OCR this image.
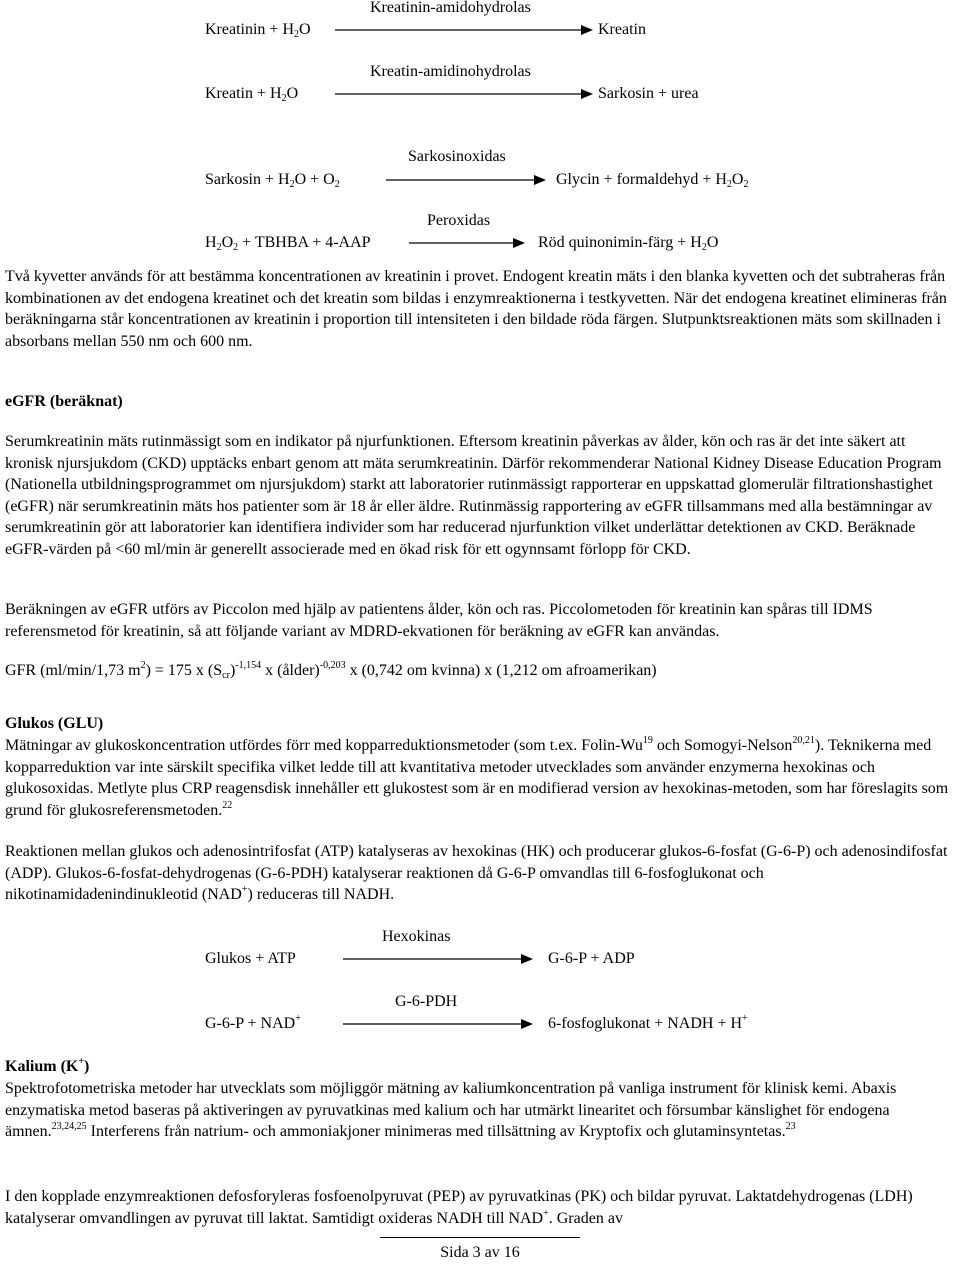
Kreatinin-amidohydrolas
Kreatinin + $H_2O$	Kreatin
Kreatin-amidinohydrolas
Kreatin + $H_2O$	Sarkosin + urea
Sarkosinoxidas
Sarkosin + $H_2O + O_2$	Glycin + formaldehyd + $H_2O_2$
Peroxidas
$H_2O_2$ + TBHBA + 4-AAP	Röd quinonimin-färg + $H_2O$
Två kyvetter används för att bestämma koncentrationen av kreatinin i provet. Endogent kreatin mäts i den blanka kyvetten och det subtraheras från kombinationen av det endogena kreatinet och det kreatin som bildas i enzymreaktionerna i testkyvetten. När det endogena kreatinet elimineras från beräkningarna står koncentrationen av kreatinin i proportion till intensiteten i den bildade röda färgen. Slutpunktsreaktionen mäts som skillnaden i absorbans mellan 550 nm och 600 nm.
eGFR (beräknat)
Serumkreatinin mäts rutinmässigt som en indikator på njurfunktionen. Eftersom kreatinin påverkas av ålder, kön och ras är det inte säkert att kronisk njursjukdom (CKD) upptäcks enbart genom att mäta serumkreatinin. Därför rekommenderar National Kidney Disease Education Program (Nationella utbildningsprogrammet om njursjukdom) starkt att laboratorier rutinmässigt rapporterar en uppskattad glomerulär filtrationshastighet (eGFR) när serumkreatinin mäts hos patienter som är 18 år eller äldre. Rutinmässig rapportering av eGFR tillsammans med alla bestämningar av serumkreatinin gör att laboratorier kan identifiera individer som har reducerad njurfunktion vilket underlättar detektionen av CKD. Beräknade eGFR-värden på <60 ml/min är generellt associerade med en ökad risk för ett ogynnsamt förlopp för CKD.
Beräkningen av eGFR utförs av Piccolon med hjälp av patientens ålder, kön och ras. Piccolometoden för kreatinin kan spåras till IDMS referensmetod för kreatinin, så att följande variant av MDRD-ekvationen för beräkning av eGFR kan användas.
GFR (ml/min/1,73 $m^2) = 175$ x $(S_{cr})^{-1,154}$ x (ålder)$^{-0,203}$ x (0,742 om kvinna) x (1,212 om afroamerikan)
Glukos (GLU)
Mätningar av glukoskoncentration utfördes förr med kopparreduktionsmetoder (som t.ex. Folin-Wu$^{19}$ och Somogyi-Nelson$^{20,21}$). Teknikerna med kopparreduktion var inte särskilt specifika vilket ledde till att kvantitativa metoder utvecklades som använder enzymerna hexokinas och glukosoxidas. Metlyte plus CRP reagensdisk innehåller ett glukostest som är en modifierad version av hexokinas-metoden, som har föreslagits som grund för glukosreferensmetoden.$^{22}$
Reaktionen mellan glukos och adenosintrifosfat (ATP) katalyseras av hexokinas (HK) och producerar glukos-6-fosfat (G-6-P) och adenosindifosfat (ADP). Glukos-6-fosfat-dehydrogenas (G-6-PDH) katalyserar reaktionen då G-6-P omvandlas till 6-fosfoglukonat och nikotinamidadenindinukleotid (NAD+) reduceras till NADH.
Hexokinas
Glukos + ATP	G-6-P + ADP
G-6-PDH
G-6-P + NAD+	6-fosfoglukonat + NADH + H+
Kalium (K+)
Spektrofotometriska metoder har utvecklats som möjliggör mätning av kaliumkoncentration på vanliga instrument för klinisk kemi. Abaxis enzymatiska metod baseras på aktiveringen av pyruvatkinas med kalium och har utmärkt linearitet och försumbar känslighet för endogena ämnen.$^{23,24,25}$ Interferens från natrium- och ammoniakjoner minimeras med tillsättning av Kryptofix och glutaminsyntetas.$^{23}$
I den kopplade enzymreaktionen defosforyleras fosfoenolpyruvat (PEP) av pyruvatkinas (PK) och bildar pyruvat. Laktatdehydrogenas (LDH) katalyserar omvandlingen av pyruvat till laktat. Samtidigt oxideras NADH till NAD+. Graden av
Sida 3 av 16
